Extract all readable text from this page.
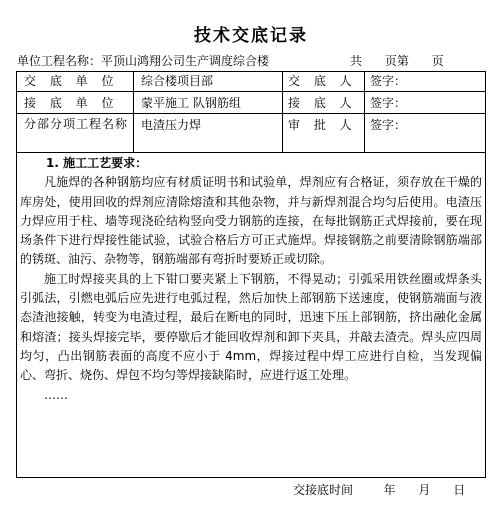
技术交底记录
单位工程名称：平顶山鸿翔公司生产调度综合楼	共      页第      页
交 底 单 位	综合楼项目部	交 底 人	签字：
接 底 单 位	蒙平施工 队钢筋组	接 底 人	签字：
分部分项工程名称 电渣压力焊	审 批 人	签字：

1. 施工工艺要求：

凡施焊的各种钢筋均应有材质证明书和试验单，焊剂应有合格证，须存放在干燥的库房处，使用回收的焊剂应清除熔渣和其他杂物，并与新焊剂混合均匀后使用。电渣压力焊应用于柱、墙等现浇砼结构竖向受力钢筋的连接，在每批钢筋正式焊接前，要在现场条件下进行焊接性能试验，试验合格后方可正式施焊。焊接钢筋之前要清除钢筋端部的锈斑、油污、杂物等，钢筋端部有弯折时要矫正或切除。

施工时焊接夹具的上下钳口要夹紧上下钢筋，不得晃动；引弧采用铁丝圈或焊条头引弧法，引燃电弧后应先进行电弧过程，然后加快上部钢筋下送速度，使钢筋端面与液态渣池接触，转变为电渣过程，最后在断电的同时，迅速下压上部钢筋，挤出融化金属和熔渣；接头焊接完毕，要停歇后才能回收焊剂和卸下夹具，并敲去渣壳。焊头应四周均匀，凸出钢筋表面的高度不应小于 4mm，焊接过程中焊工应进行自检，当发现偏心、弯折、烧伤、焊包不均匀等焊接缺陷时，应进行返工处理。

……

交接底时间        年      月      日
